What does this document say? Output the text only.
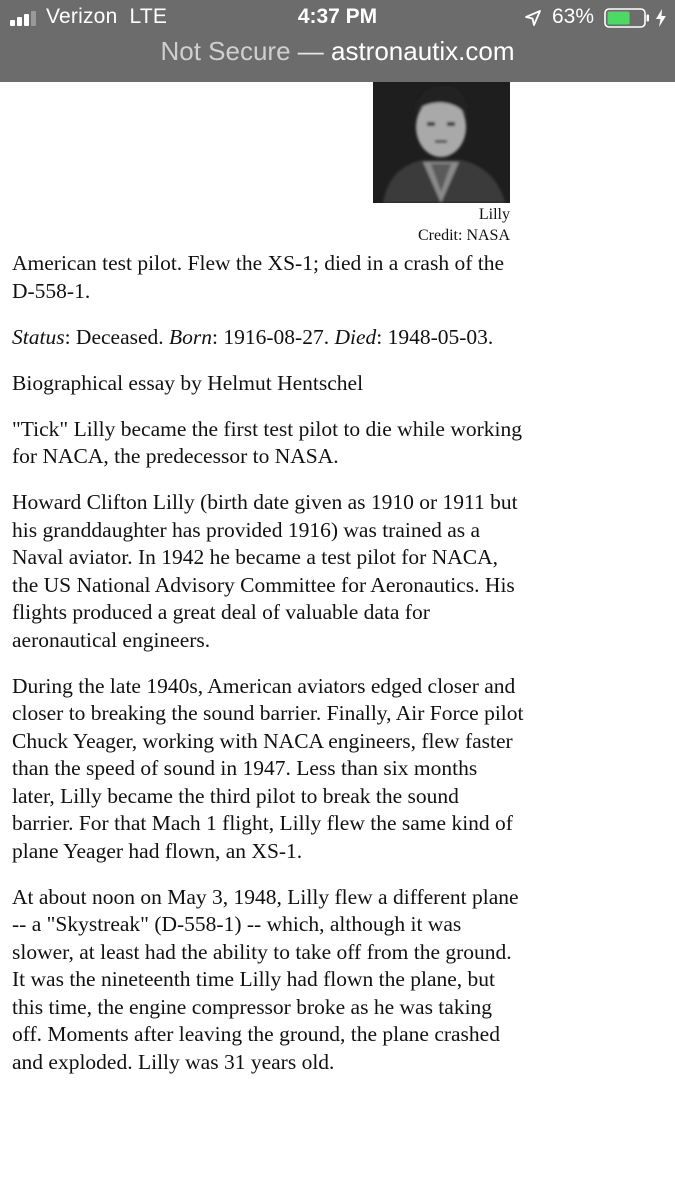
Verizon LTE	4:37 PM	63%
Not Secure — astronautix.com
Lilly
Credit: NASA

American test pilot. Flew the XS-1; died in a crash of the D-558-1.

Status: Deceased. Born: 1916-08-27. Died: 1948-05-03.

Biographical essay by Helmut Hentschel

"Tick" Lilly became the first test pilot to die while working for NACA, the predecessor to NASA.

Howard Clifton Lilly (birth date given as 1910 or 1911 but his granddaughter has provided 1916) was trained as a Naval aviator. In 1942 he became a test pilot for NACA, the US National Advisory Committee for Aeronautics. His flights produced a great deal of valuable data for aeronautical engineers.

During the late 1940s, American aviators edged closer and closer to breaking the sound barrier. Finally, Air Force pilot Chuck Yeager, working with NACA engineers, flew faster than the speed of sound in 1947. Less than six months later, Lilly became the third pilot to break the sound barrier. For that Mach 1 flight, Lilly flew the same kind of plane Yeager had flown, an XS-1.

At about noon on May 3, 1948, Lilly flew a different plane -- a "Skystreak" (D-558-1) -- which, although it was slower, at least had the ability to take off from the ground. It was the nineteenth time Lilly had flown the plane, but this time, the engine compressor broke as he was taking off. Moments after leaving the ground, the plane crashed and exploded. Lilly was 31 years old.
